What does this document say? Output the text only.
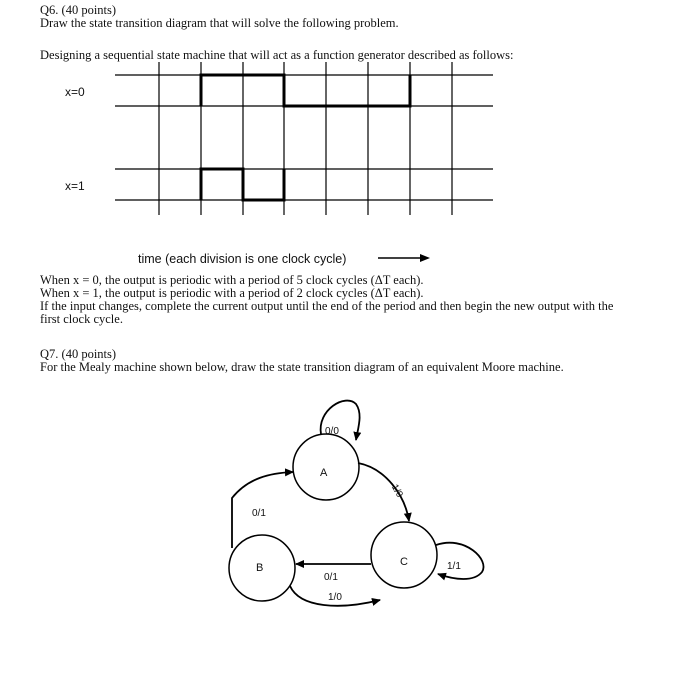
Q6. (40 points)
Draw the state transition diagram that will solve the following problem.
Designing a sequential state machine that will act as a function generator described as follows:
x=0
x=1
time (each division is one clock cycle)
When x = 0, the output is periodic with a period of 5 clock cycles (ΔT each).
When x = 1, the output is periodic with a period of 2 clock cycles (ΔT each).
If the input changes, complete the current output until the end of the period and then begin the new output with the
first clock cycle.
Q7. (40 points)
For the Mealy machine shown below, draw the state transition diagram of an equivalent Moore machine.
A
B	C
0/0
1/0
0/1
0/1
1/0
1/1
